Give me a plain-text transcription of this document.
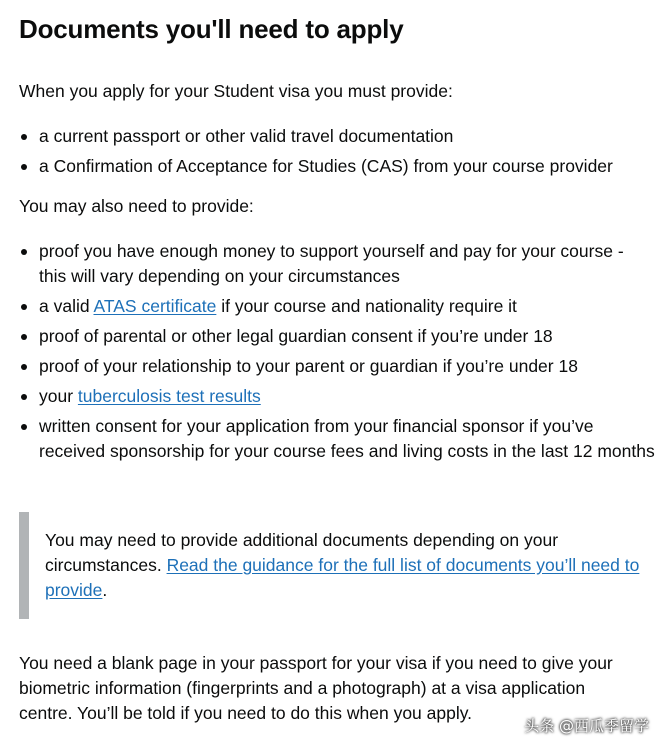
Documents you'll need to apply

When you apply for your Student visa you must provide:

a current passport or other valid travel documentation
a Confirmation of Acceptance for Studies (CAS) from your course provider

You may also need to provide:

proof you have enough money to support yourself and pay for your course - this will vary depending on your circumstances
a valid ATAS certificate if your course and nationality require it
proof of parental or other legal guardian consent if you’re under 18
proof of your relationship to your parent or guardian if you’re under 18
your tuberculosis test results
written consent for your application from your financial sponsor if you’ve received sponsorship for your course fees and living costs in the last 12 months

You may need to provide additional documents depending on your circumstances. Read the guidance for the full list of documents you’ll need to provide.

You need a blank page in your passport for your visa if you need to give your biometric information (fingerprints and a photograph) at a visa application centre. You’ll be told if you need to do this when you apply.

头条 @西瓜季留学
